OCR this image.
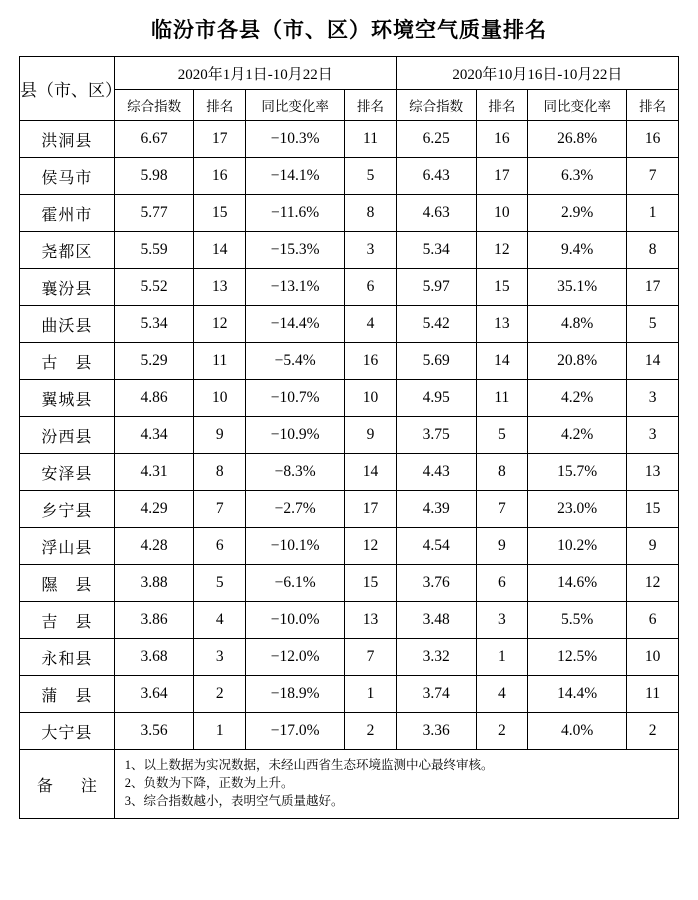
临汾市各县（市、区）环境空气质量排名
县（市、区）	2020年1月1日-10月22日				2020年10月16日-10月22日			
	综合指数	排名	同比变化率	排名	综合指数	排名	同比变化率	排名
洪洞县	6.67	17	−10.3%	11	6.25	16	26.8%	16
侯马市	5.98	16	−14.1%	5	6.43	17	6.3%	7
霍州市	5.77	15	−11.6%	8	4.63	10	2.9%	1
尧都区	5.59	14	−15.3%	3	5.34	12	9.4%	8
襄汾县	5.52	13	−13.1%	6	5.97	15	35.1%	17
曲沃县	5.34	12	−14.4%	4	5.42	13	4.8%	5
古　县	5.29	11	−5.4%	16	5.69	14	20.8%	14
翼城县	4.86	10	−10.7%	10	4.95	11	4.2%	3
汾西县	4.34	9	−10.9%	9	3.75	5	4.2%	3
安泽县	4.31	8	−8.3%	14	4.43	8	15.7%	13
乡宁县	4.29	7	−2.7%	17	4.39	7	23.0%	15
浮山县	4.28	6	−10.1%	12	4.54	9	10.2%	9
隰　县	3.88	5	−6.1%	15	3.76	6	14.6%	12
吉　县	3.86	4	−10.0%	13	3.48	3	5.5%	6
永和县	3.68	3	−12.0%	7	3.32	1	12.5%	10
蒲　县	3.64	2	−18.9%	1	3.74	4	14.4%	11
大宁县	3.56	1	−17.0%	2	3.36	2	4.0%	2
备　注	1、以上数据为实况数据，未经山西省生态环境监测中心最终审核。
2、负数为下降，正数为上升。
3、综合指数越小，表明空气质量越好。							
